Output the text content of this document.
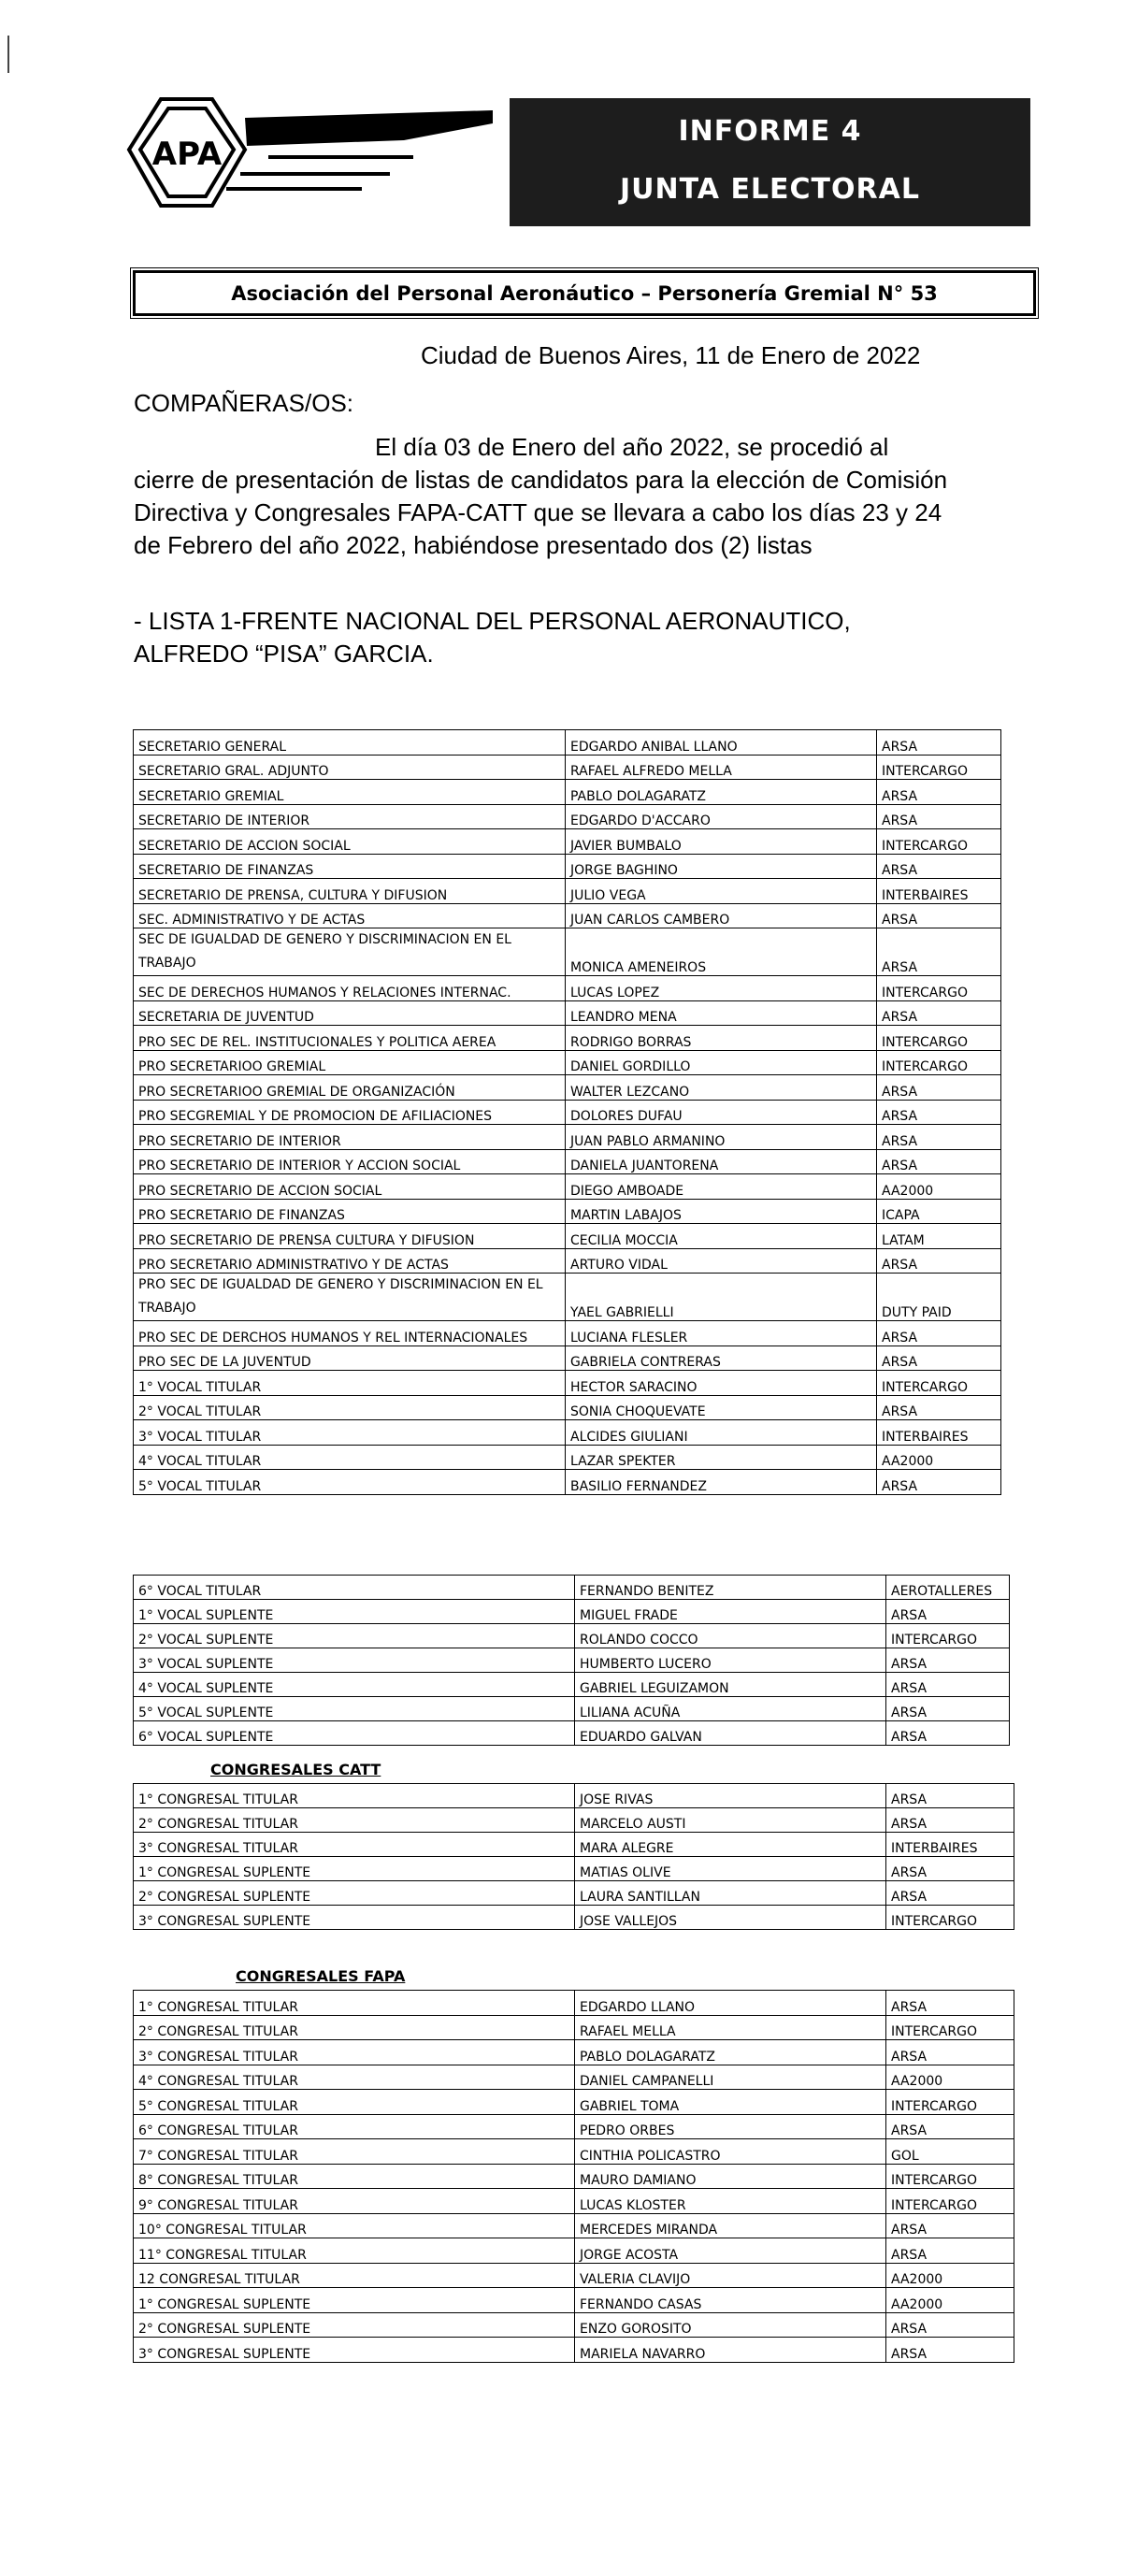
APA
INFORME 4
JUNTA ELECTORAL
Asociación del Personal Aeronáutico – Personería Gremial N° 53
Ciudad de Buenos Aires, 11 de Enero de 2022
COMPAÑERAS/OS:
El día 03 de Enero del año 2022, se procedió al
cierre de presentación de listas de candidatos para la elección de Comisión Directiva y Congresales FAPA-CATT que se llevara a cabo los días 23 y 24 de Febrero del año 2022, habiéndose presentado dos (2) listas
- LISTA 1-FRENTE NACIONAL DEL PERSONAL AERONAUTICO,
ALFREDO “PISA” GARCIA.
SECRETARIO GENERAL	EDGARDO ANIBAL LLANO	ARSA
SECRETARIO GRAL. ADJUNTO	RAFAEL ALFREDO MELLA	INTERCARGO
SECRETARIO GREMIAL	PABLO DOLAGARATZ	ARSA
SECRETARIO DE INTERIOR	EDGARDO D'ACCARO	ARSA
SECRETARIO DE ACCION SOCIAL	JAVIER BUMBALO	INTERCARGO
SECRETARIO DE FINANZAS	JORGE BAGHINO	ARSA
SECRETARIO DE PRENSA, CULTURA Y DIFUSION	JULIO VEGA	INTERBAIRES
SEC. ADMINISTRATIVO Y DE ACTAS	JUAN CARLOS CAMBERO	ARSA
SEC DE IGUALDAD DE GENERO Y DISCRIMINACION EN EL TRABAJO	MONICA AMENEIROS	ARSA
SEC DE DERECHOS HUMANOS Y RELACIONES INTERNAC.	LUCAS LOPEZ	INTERCARGO
SECRETARIA DE JUVENTUD	LEANDRO MENA	ARSA
PRO SEC DE REL. INSTITUCIONALES Y POLITICA AEREA	RODRIGO BORRAS	INTERCARGO
PRO SECRETARIOO GREMIAL	DANIEL GORDILLO	INTERCARGO
PRO SECRETARIOO GREMIAL DE ORGANIZACIÓN	WALTER LEZCANO	ARSA
PRO SECGREMIAL Y DE PROMOCION DE AFILIACIONES	DOLORES DUFAU	ARSA
PRO SECRETARIO DE INTERIOR	JUAN PABLO ARMANINO	ARSA
PRO SECRETARIO DE INTERIOR Y ACCION SOCIAL	DANIELA JUANTORENA	ARSA
PRO SECRETARIO DE ACCION SOCIAL	DIEGO AMBOADE	AA2000
PRO SECRETARIO DE FINANZAS	MARTIN LABAJOS	ICAPA
PRO SECRETARIO DE PRENSA CULTURA Y DIFUSION	CECILIA MOCCIA	LATAM
PRO SECRETARIO ADMINISTRATIVO Y DE ACTAS	ARTURO VIDAL	ARSA
PRO SEC DE IGUALDAD DE GENERO Y DISCRIMINACION EN EL TRABAJO	YAEL GABRIELLI	DUTY PAID
PRO SEC DE DERCHOS HUMANOS Y REL INTERNACIONALES	LUCIANA FLESLER	ARSA
PRO SEC DE LA JUVENTUD	GABRIELA CONTRERAS	ARSA
1° VOCAL TITULAR	HECTOR SARACINO	INTERCARGO
2° VOCAL TITULAR	SONIA CHOQUEVATE	ARSA
3° VOCAL TITULAR	ALCIDES GIULIANI	INTERBAIRES
4° VOCAL TITULAR	LAZAR SPEKTER	AA2000
5° VOCAL TITULAR	BASILIO FERNANDEZ	ARSA
6° VOCAL TITULAR	FERNANDO BENITEZ	AEROTALLERES
1° VOCAL SUPLENTE	MIGUEL FRADE	ARSA
2° VOCAL SUPLENTE	ROLANDO COCCO	INTERCARGO
3° VOCAL SUPLENTE	HUMBERTO LUCERO	ARSA
4° VOCAL SUPLENTE	GABRIEL LEGUIZAMON	ARSA
5° VOCAL SUPLENTE	LILIANA ACUÑA	ARSA
6° VOCAL SUPLENTE	EDUARDO GALVAN	ARSA
CONGRESALES CATT
1° CONGRESAL TITULAR	JOSE RIVAS	ARSA
2° CONGRESAL TITULAR	MARCELO AUSTI	ARSA
3° CONGRESAL TITULAR	MARA ALEGRE	INTERBAIRES
1° CONGRESAL SUPLENTE	MATIAS OLIVE	ARSA
2° CONGRESAL SUPLENTE	LAURA SANTILLAN	ARSA
3° CONGRESAL SUPLENTE	JOSE VALLEJOS	INTERCARGO
CONGRESALES FAPA
1° CONGRESAL TITULAR	EDGARDO LLANO	ARSA
2° CONGRESAL TITULAR	RAFAEL MELLA	INTERCARGO
3° CONGRESAL TITULAR	PABLO DOLAGARATZ	ARSA
4° CONGRESAL TITULAR	DANIEL CAMPANELLI	AA2000
5° CONGRESAL TITULAR	GABRIEL TOMA	INTERCARGO
6° CONGRESAL TITULAR	PEDRO ORBES	ARSA
7° CONGRESAL TITULAR	CINTHIA POLICASTRO	GOL
8° CONGRESAL TITULAR	MAURO DAMIANO	INTERCARGO
9° CONGRESAL TITULAR	LUCAS KLOSTER	INTERCARGO
10° CONGRESAL TITULAR	MERCEDES MIRANDA	ARSA
11° CONGRESAL TITULAR	JORGE ACOSTA	ARSA
12 CONGRESAL TITULAR	VALERIA CLAVIJO	AA2000
1° CONGRESAL SUPLENTE	FERNANDO CASAS	AA2000
2° CONGRESAL SUPLENTE	ENZO GOROSITO	ARSA
3° CONGRESAL SUPLENTE	MARIELA NAVARRO	ARSA
